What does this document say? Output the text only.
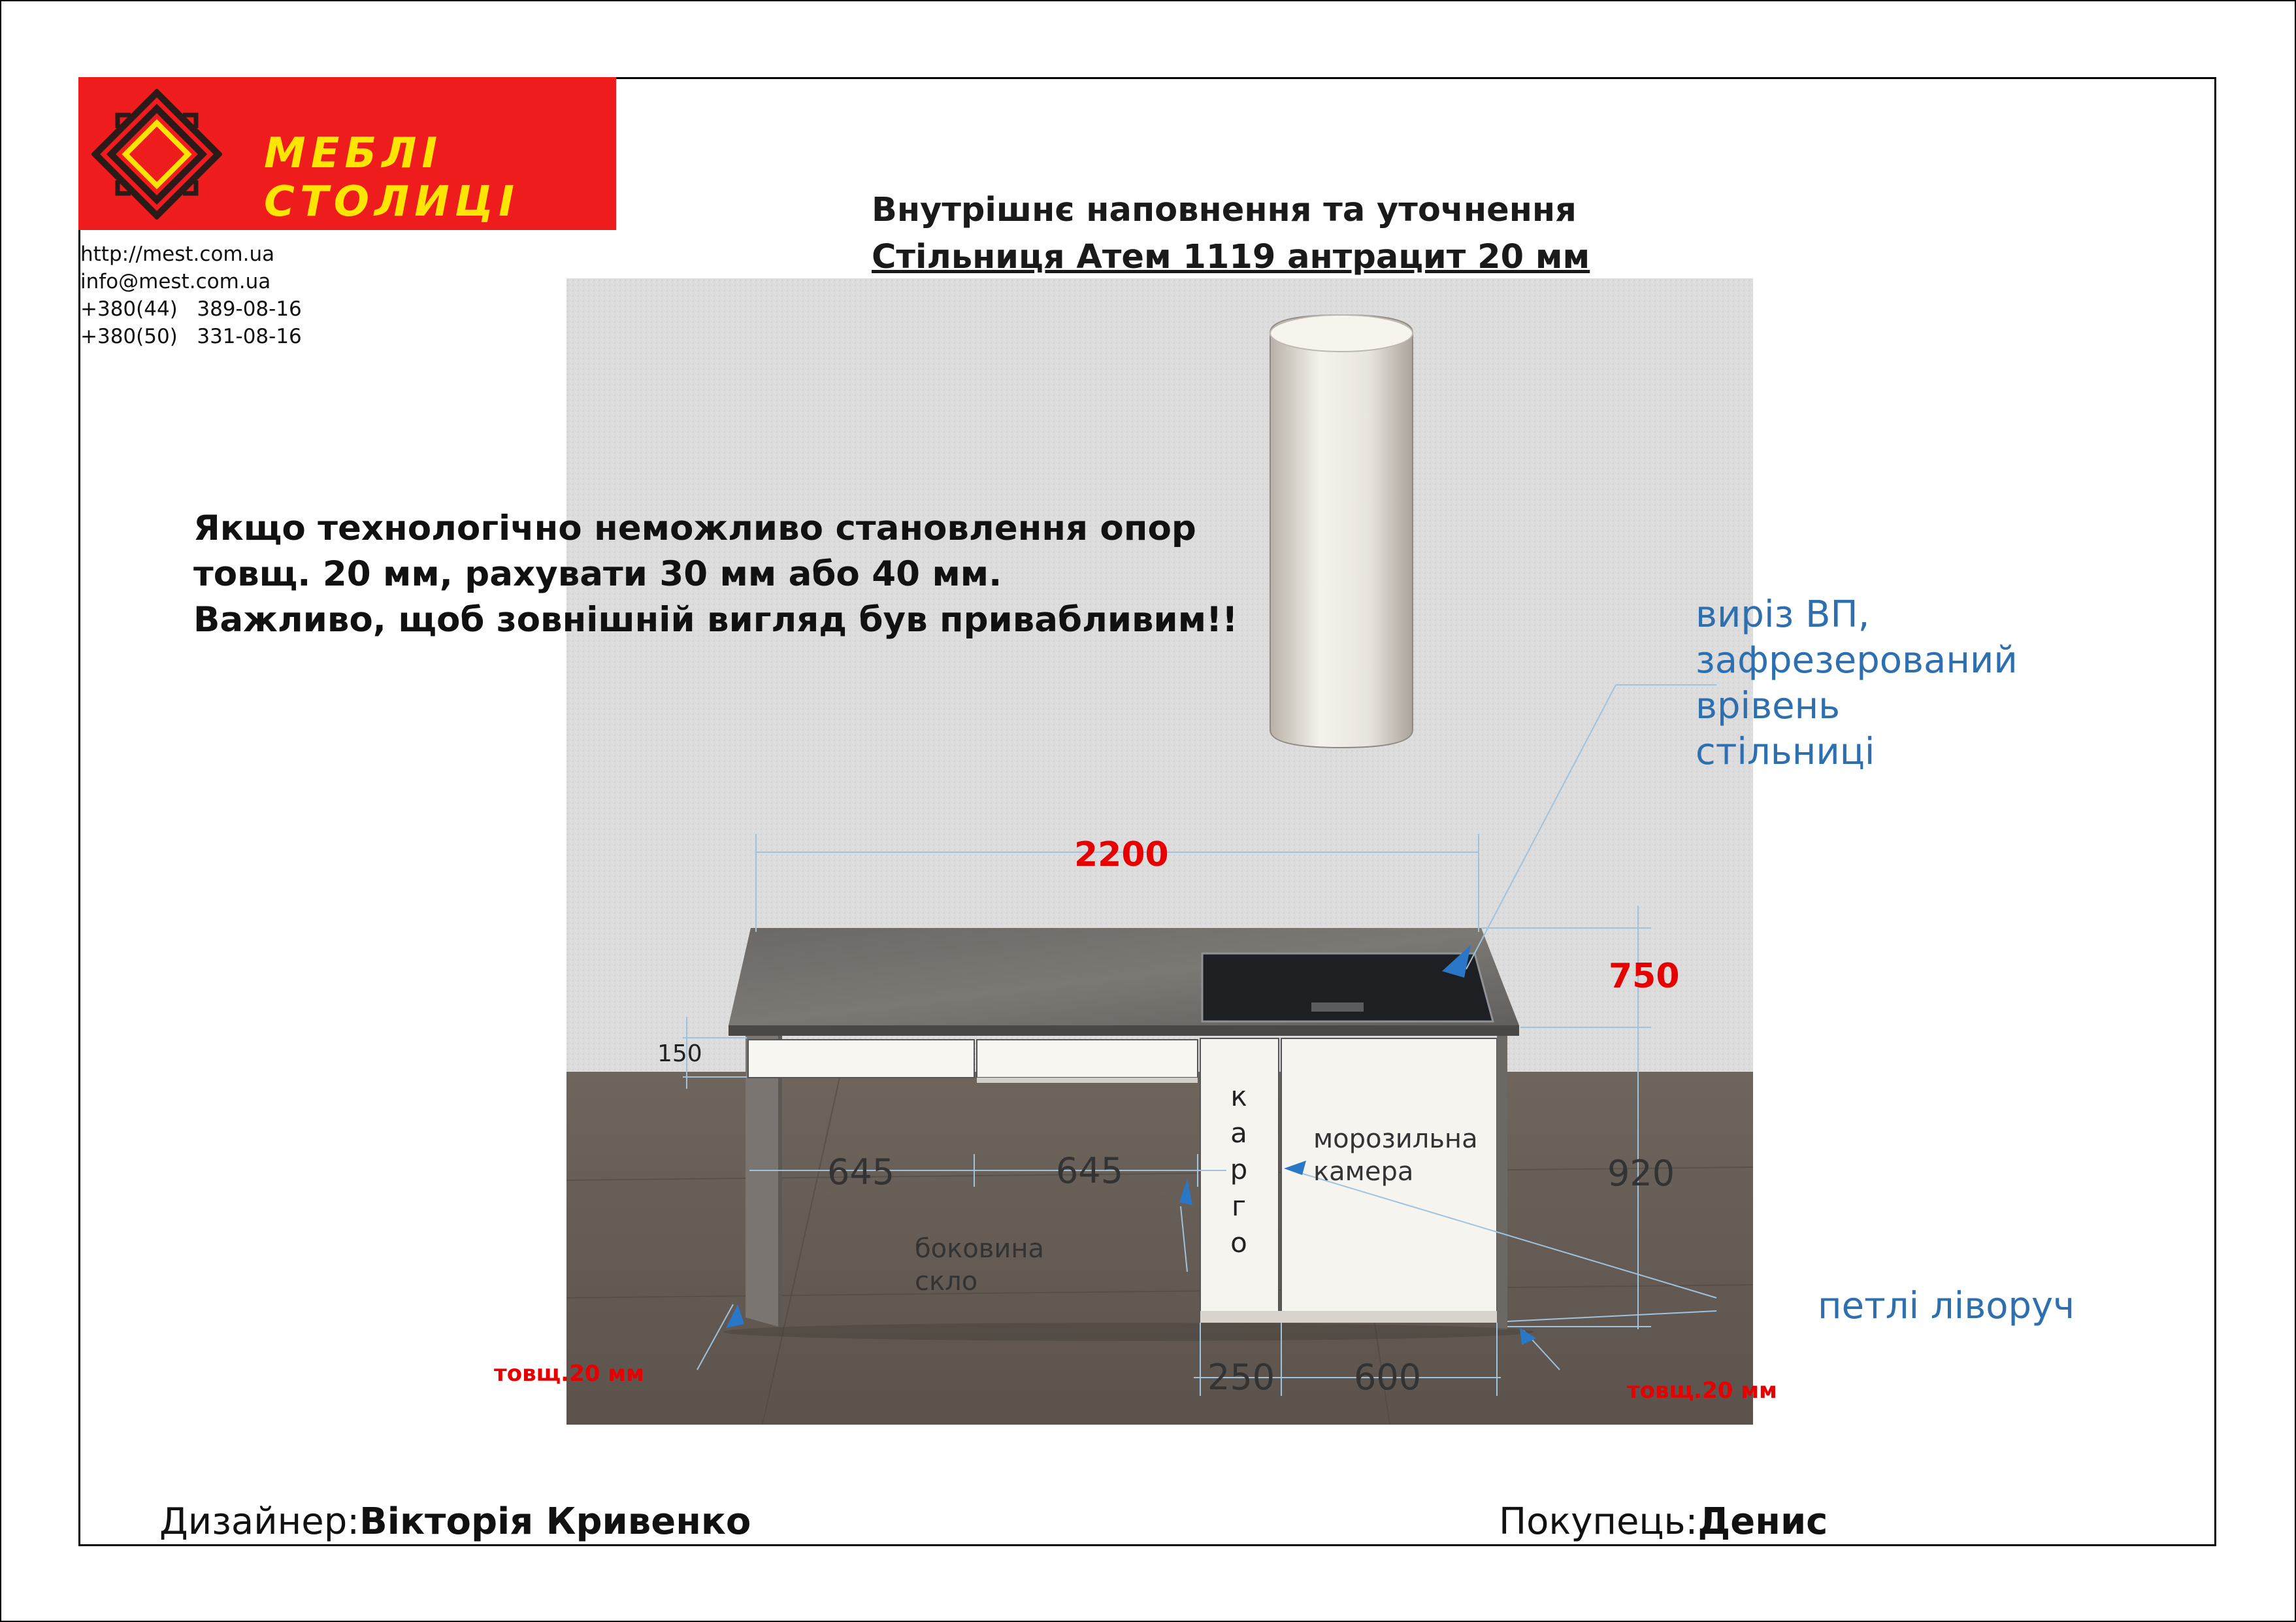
МЕБЛІ СТОЛИЦІ
http://mest.com.ua
info@mest.com.ua
+380(44)   389-08-16
+380(50)   331-08-16
Внутрішнє наповнення та уточнення
Стільниця Атем 1119 антрацит 20 мм
Якщо технологічно неможливо становлення опор
товщ. 20 мм, рахувати 30 мм або 40 мм.
Важливо, щоб зовнішній вигляд був привабливим!!	виріз ВП,
зафрезерований
врівень
стільниці
2200
750
150
645	645	920
250 600
морозильна
камера
боковина
скло
к
а
р
г
о
петлі ліворуч
товщ.20 мм
товщ.20 мм
Дизайнер:Вікторія Кривенко	Покупець:Денис
